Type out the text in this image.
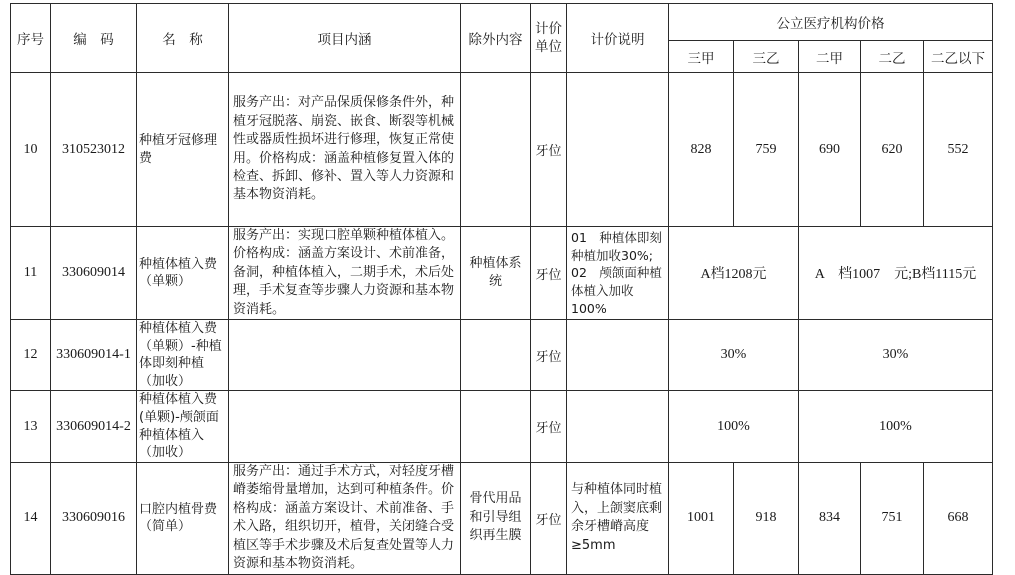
序号	编　码	名　称	项目内涵	除外内容	计价单位	计价说明	公立医疗机构价格				
							三甲	三乙	二甲	二乙	二乙以下
10	310523012	种植牙冠修理费	服务产出：对产品保质保修条件外，种植牙冠脱落、崩瓷、嵌食、断裂等机械性或器质性损坏进行修理，恢复正常使用。价格构成：涵盖种植修复置入体的检查、拆卸、修补、置入等人力资源和基本物资消耗。		牙位		828	759	690	620	552
11	330609014	种植体植入费（单颗）	服务产出：实现口腔单颗种植体植入。价格构成：涵盖方案设计、术前准备，备洞，种植体植入，二期手术，术后处理，手术复查等步骤人力资源和基本物资消耗。	种植体系统	牙位	01　种植体即刻种植加收30%;　02　颅颌面种植体植入加收100%	A档1208元		A　档1007　元;B档1115元		
12	330609014-1	种植体植入费（单颗）-种植体即刻种植（加收）			牙位		30%		30%		
13	330609014-2	种植体植入费(单颗)-颅颌面种植体植入（加收）			牙位		100%		100%		
14	330609016	口腔内植骨费（简单）	服务产出：通过手术方式，对轻度牙槽嵴萎缩骨量增加，达到可种植条件。价格构成：涵盖方案设计、术前准备、手术入路，组织切开，植骨，关闭缝合受植区等手术步骤及术后复查处置等人力资源和基本物资消耗。	骨代用品和引导组织再生膜	牙位	与种植体同时植入，上颌窦底剩余牙槽嵴高度≥5mm	1001	918	834	751	668
